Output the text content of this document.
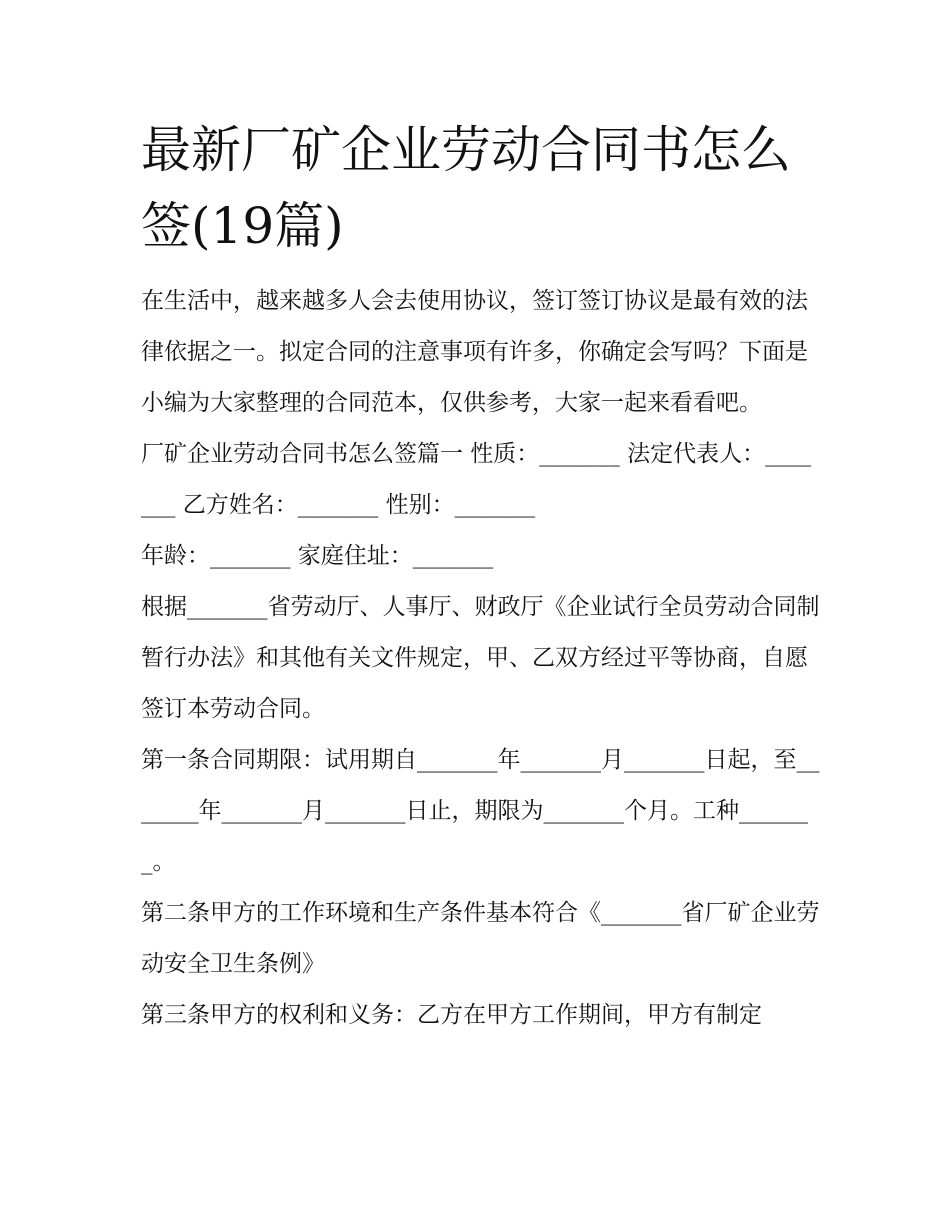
最新厂矿企业劳动合同书怎么签(19篇)

在生活中，越来越多人会去使用协议，签订签订协议是最有效的法律依据之一。拟定合同的注意事项有许多，你确定会写吗？下面是小编为大家整理的合同范本，仅供参考，大家一起来看看吧。

厂矿企业劳动合同书怎么签篇一 性质：_______ 法定代表人：_______ 乙方姓名：_______ 性别：_______

年龄：_______ 家庭住址：_______

根据_______省劳动厅、人事厅、财政厅《企业试行全员劳动合同制暂行办法》和其他有关文件规定，甲、乙双方经过平等协商，自愿签订本劳动合同。

第一条合同期限：试用期自_______年_______月_______日起，至_______年_______月_______日止，期限为_______个月。工种_______。

第二条甲方的工作环境和生产条件基本符合《_______省厂矿企业劳动安全卫生条例》

第三条甲方的权利和义务：乙方在甲方工作期间，甲方有制定
